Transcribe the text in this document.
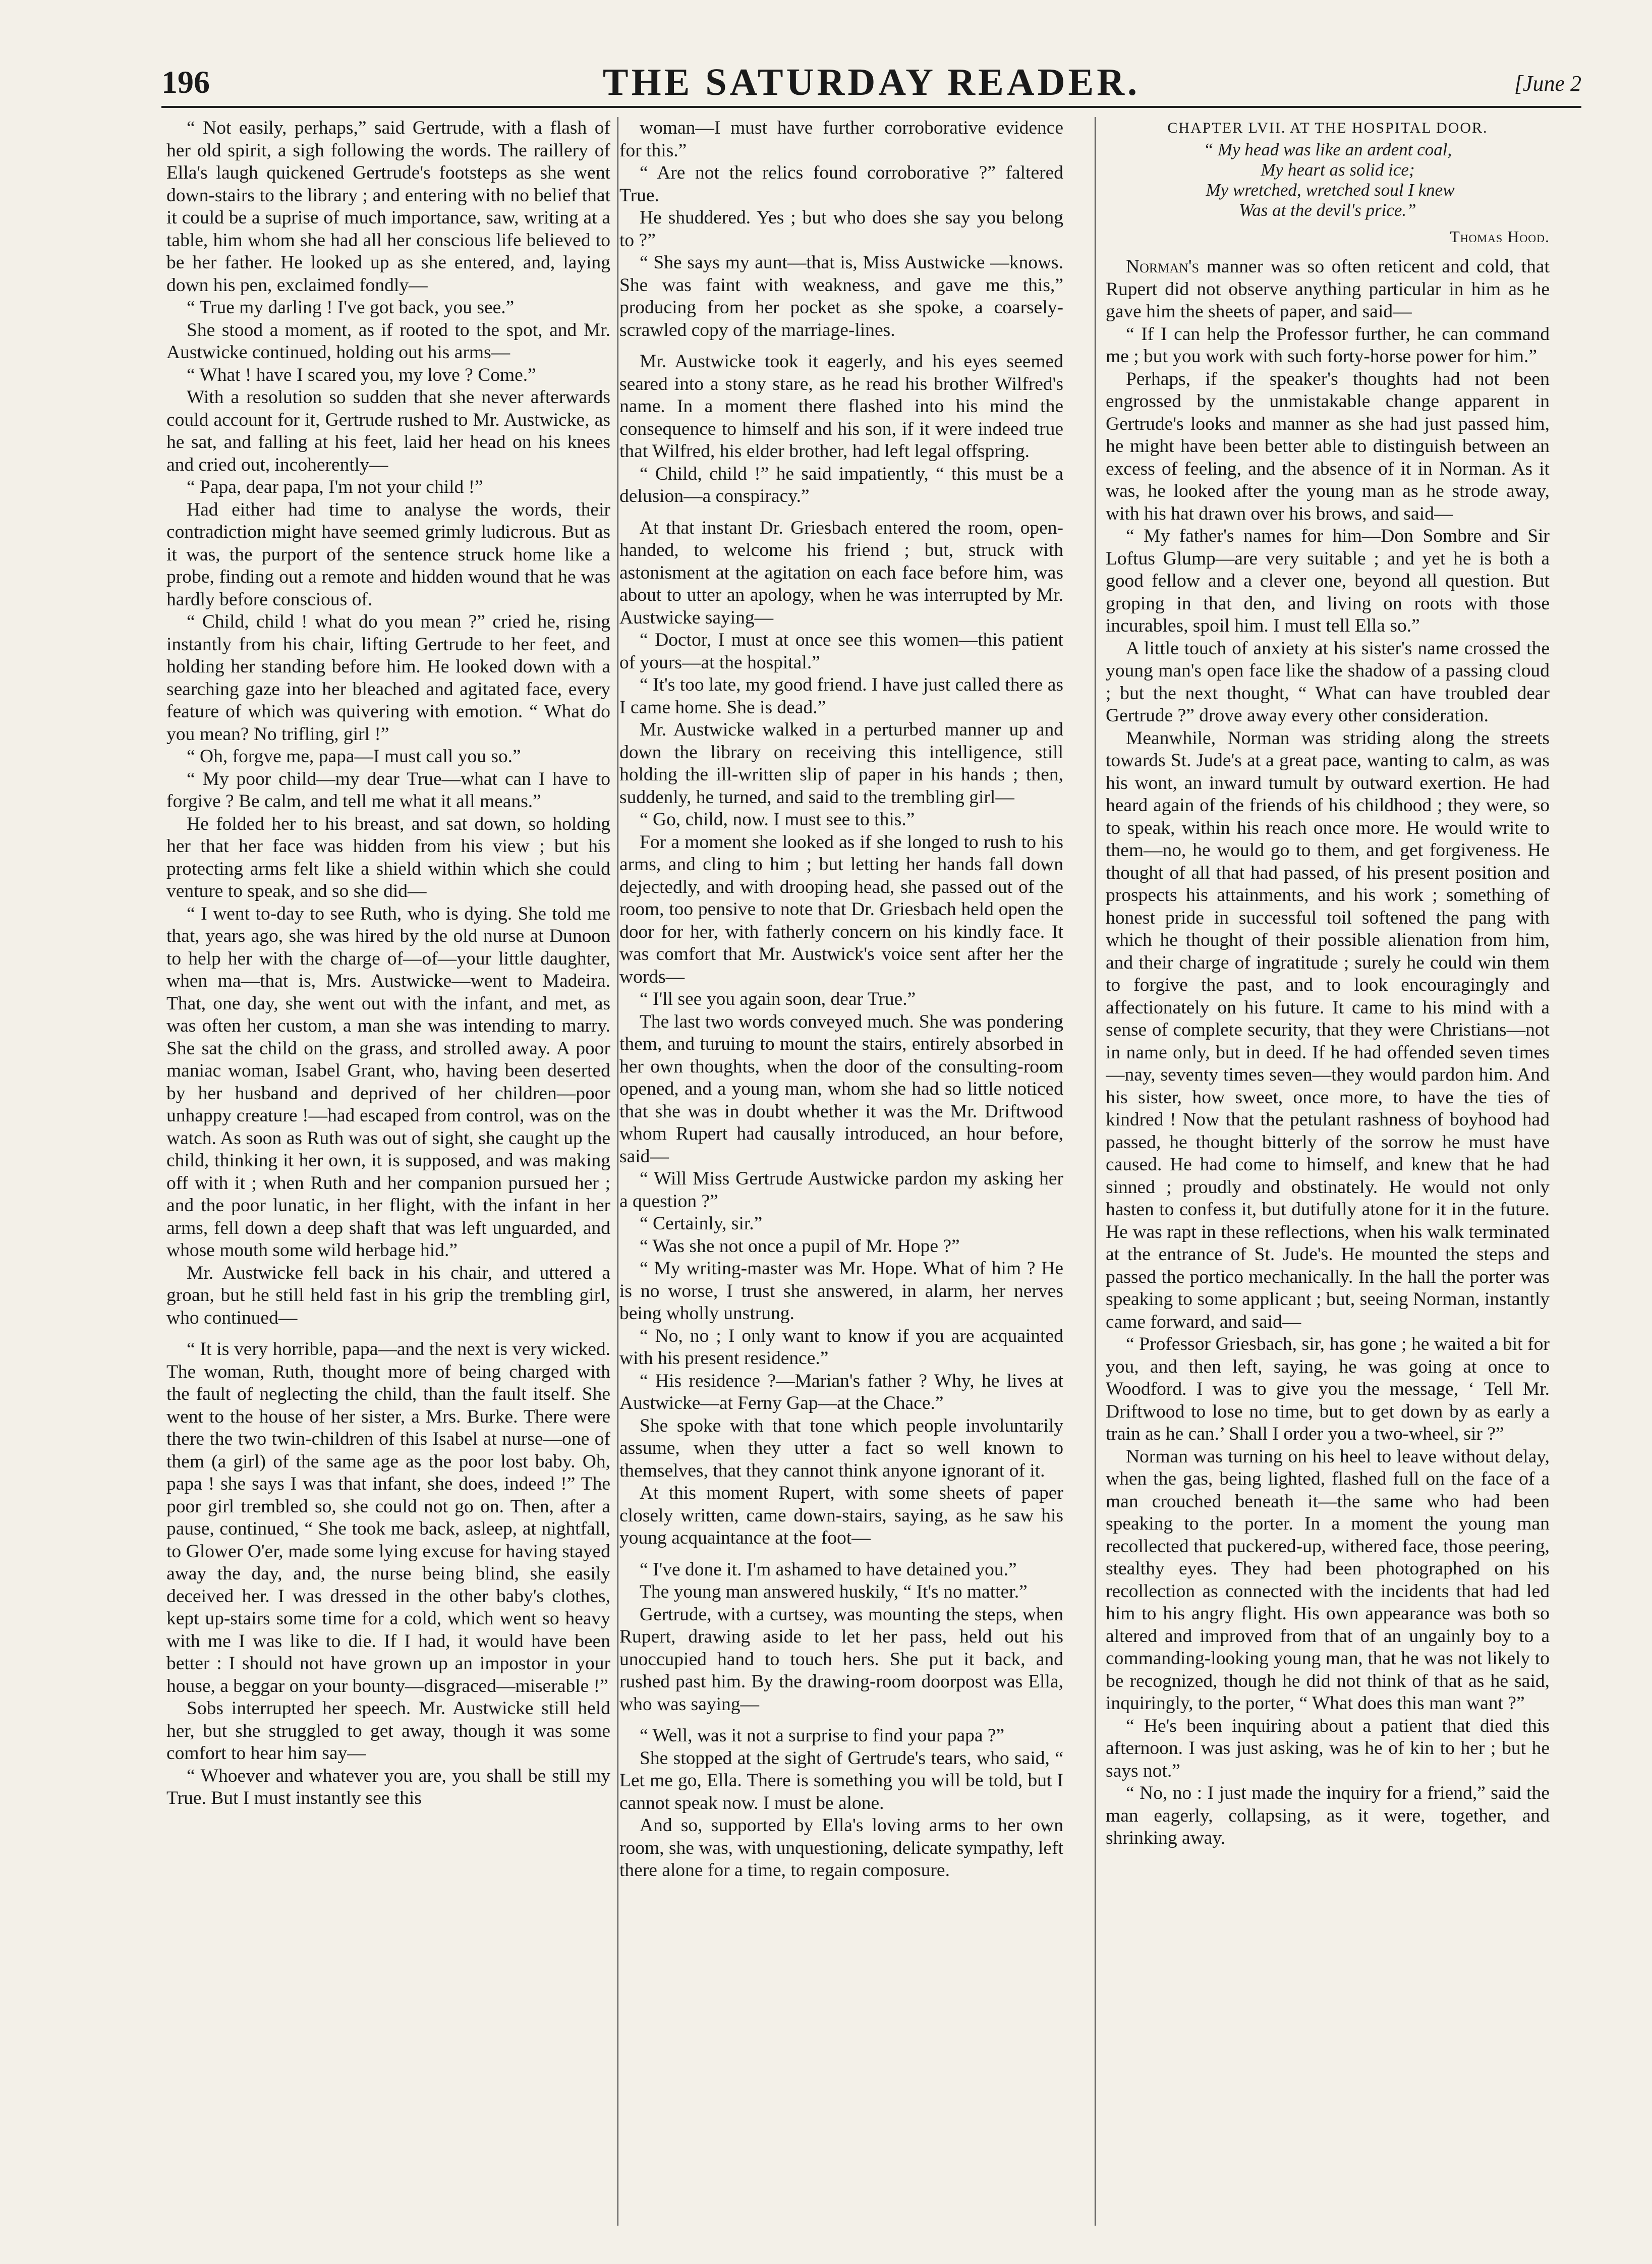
196	THE SATURDAY READER.	[June 2

“ Not easily, perhaps,” said Gertrude, with a flash of her old spirit, a sigh following the words. The raillery of Ella's laugh quickened Gertrude's footsteps as she went down-stairs to the library ; and entering with no belief that it could be a suprise of much importance, saw, writing at a table, him whom she had all her conscious life believed to be her father. He looked up as she entered, and, laying down his pen, exclaimed fondly—

“ True my darling ! I've got back, you see.”

She stood a moment, as if rooted to the spot, and Mr. Austwicke continued, holding out his arms—

“ What ! have I scared you, my love ? Come.”

With a resolution so sudden that she never afterwards could account for it, Gertrude rushed to Mr. Austwicke, as he sat, and falling at his feet, laid her head on his knees and cried out, incoherently—

“ Papa, dear papa, I'm not your child !”

Had either had time to analyse the words, their contradiction might have seemed grimly ludicrous. But as it was, the purport of the sentence struck home like a probe, finding out a remote and hidden wound that he was hardly before conscious of.

“ Child, child ! what do you mean ?” cried he, rising instantly from his chair, lifting Gertrude to her feet, and holding her standing before him. He looked down with a searching gaze into her bleached and agitated face, every feature of which was quivering with emotion. “ What do you mean? No trifling, girl !”

“ Oh, forgve me, papa—I must call you so.”

“ My poor child—my dear True—what can I have to forgive ? Be calm, and tell me what it all means.”

He folded her to his breast, and sat down, so holding her that her face was hidden from his view ; but his protecting arms felt like a shield within which she could venture to speak, and so she did—

“ I went to-day to see Ruth, who is dying. She told me that, years ago, she was hired by the old nurse at Dunoon to help her with the charge of—of—your little daughter, when ma—that is, Mrs. Austwicke—went to Madeira. That, one day, she went out with the infant, and met, as was often her custom, a man she was intending to marry. She sat the child on the grass, and strolled away. A poor maniac woman, Isabel Grant, who, having been deserted by her husband and deprived of her children—poor unhappy creature !—had escaped from control, was on the watch. As soon as Ruth was out of sight, she caught up the child, thinking it her own, it is supposed, and was making off with it ; when Ruth and her companion pursued her ; and the poor lunatic, in her flight, with the infant in her arms, fell down a deep shaft that was left unguarded, and whose mouth some wild herbage hid.”

Mr. Austwicke fell back in his chair, and uttered a groan, but he still held fast in his grip the trembling girl, who continued—

“ It is very horrible, papa—and the next is very wicked. The woman, Ruth, thought more of being charged with the fault of neglecting the child, than the fault itself. She went to the house of her sister, a Mrs. Burke. There were there the two twin-children of this Isabel at nurse—one of them (a girl) of the same age as the poor lost baby. Oh, papa ! she says I was that infant, she does, indeed !” The poor girl trembled so, she could not go on. Then, after a pause, continued, “ She took me back, asleep, at nightfall, to Glower O'er, made some lying excuse for having stayed away the day, and, the nurse being blind, she easily deceived her. I was dressed in the other baby's clothes, kept up-stairs some time for a cold, which went so heavy with me I was like to die. If I had, it would have been better : I should not have grown up an impostor in your house, a beggar on your bounty—disgraced—miserable !”

Sobs interrupted her speech. Mr. Austwicke still held her, but she struggled to get away, though it was some comfort to hear him say—

“ Whoever and whatever you are, you shall be still my True. But I must instantly see this

woman—I must have further corroborative evidence for this.”

“ Are not the relics found corroborative ?” faltered True.

He shuddered. Yes ; but who does she say you belong to ?”

“ She says my aunt—that is, Miss Austwicke —knows. She was faint with weakness, and gave me this,” producing from her pocket as she spoke, a coarsely-scrawled copy of the marriage-lines.

Mr. Austwicke took it eagerly, and his eyes seemed seared into a stony stare, as he read his brother Wilfred's name. In a moment there flashed into his mind the consequence to himself and his son, if it were indeed true that Wilfred, his elder brother, had left legal offspring.

“ Child, child !” he said impatiently, “ this must be a delusion—a conspiracy.”

At that instant Dr. Griesbach entered the room, open-handed, to welcome his friend ; but, struck with astonisment at the agitation on each face before him, was about to utter an apology, when he was interrupted by Mr. Austwicke saying—

“ Doctor, I must at once see this women—this patient of yours—at the hospital.”

“ It's too late, my good friend. I have just called there as I came home. She is dead.”

Mr. Austwicke walked in a perturbed manner up and down the library on receiving this intelligence, still holding the ill-written slip of paper in his hands ; then, suddenly, he turned, and said to the trembling girl—

“ Go, child, now. I must see to this.”

For a moment she looked as if she longed to rush to his arms, and cling to him ; but letting her hands fall down dejectedly, and with drooping head, she passed out of the room, too pensive to note that Dr. Griesbach held open the door for her, with fatherly concern on his kindly face. It was comfort that Mr. Austwick's voice sent after her the words—

“ I'll see you again soon, dear True.”

The last two words conveyed much. She was pondering them, and turuing to mount the stairs, entirely absorbed in her own thoughts, when the door of the consulting-room opened, and a young man, whom she had so little noticed that she was in doubt whether it was the Mr. Driftwood whom Rupert had causally introduced, an hour before, said—

“ Will Miss Gertrude Austwicke pardon my asking her a question ?”

“ Certainly, sir.”

“ Was she not once a pupil of Mr. Hope ?”

“ My writing-master was Mr. Hope. What of him ? He is no worse, I trust she answered, in alarm, her nerves being wholly unstrung.

“ No, no ; I only want to know if you are acquainted with his present residence.”

“ His residence ?—Marian's father ? Why, he lives at Austwicke—at Ferny Gap—at the Chace.”

She spoke with that tone which people involuntarily assume, when they utter a fact so well known to themselves, that they cannot think anyone ignorant of it.

At this moment Rupert, with some sheets of paper closely written, came down-stairs, saying, as he saw his young acquaintance at the foot—

“ I've done it. I'm ashamed to have detained you.”

The young man answered huskily, “ It's no matter.”

Gertrude, with a curtsey, was mounting the steps, when Rupert, drawing aside to let her pass, held out his unoccupied hand to touch hers. She put it back, and rushed past him. By the drawing-room doorpost was Ella, who was saying—

“ Well, was it not a surprise to find your papa ?”

She stopped at the sight of Gertrude's tears, who said, “ Let me go, Ella. There is something you will be told, but I cannot speak now. I must be alone.

And so, supported by Ella's loving arms to her own room, she was, with unquestioning, delicate sympathy, left there alone for a time, to regain composure.

CHAPTER LVII. AT THE HOSPITAL DOOR.

“ My head was like an ardent coal,
My heart as solid ice;
My wretched, wretched soul I knew
Was at the devil's price.”
Thomas Hood.

Norman's manner was so often reticent and cold, that Rupert did not observe anything particular in him as he gave him the sheets of paper, and said—

“ If I can help the Professor further, he can command me ; but you work with such forty-horse power for him.”

Perhaps, if the speaker's thoughts had not been engrossed by the unmistakable change apparent in Gertrude's looks and manner as she had just passed him, he might have been better able to distinguish between an excess of feeling, and the absence of it in Norman. As it was, he looked after the young man as he strode away, with his hat drawn over his brows, and said—

“ My father's names for him—Don Sombre and Sir Loftus Glump—are very suitable ; and yet he is both a good fellow and a clever one, beyond all question. But groping in that den, and living on roots with those incurables, spoil him. I must tell Ella so.”

A little touch of anxiety at his sister's name crossed the young man's open face like the shadow of a passing cloud ; but the next thought, “ What can have troubled dear Gertrude ?” drove away every other consideration.

Meanwhile, Norman was striding along the streets towards St. Jude's at a great pace, wanting to calm, as was his wont, an inward tumult by outward exertion. He had heard again of the friends of his childhood ; they were, so to speak, within his reach once more. He would write to them—no, he would go to them, and get forgiveness. He thought of all that had passed, of his present position and prospects his attainments, and his work ; something of honest pride in successful toil softened the pang with which he thought of their possible alienation from him, and their charge of ingratitude ; surely he could win them to forgive the past, and to look encouragingly and affectionately on his future. It came to his mind with a sense of complete security, that they were Christians—not in name only, but in deed. If he had offended seven times—nay, seventy times seven—they would pardon him. And his sister, how sweet, once more, to have the ties of kindred ! Now that the petulant rashness of boyhood had passed, he thought bitterly of the sorrow he must have caused. He had come to himself, and knew that he had sinned ; proudly and obstinately. He would not only hasten to confess it, but dutifully atone for it in the future. He was rapt in these reflections, when his walk terminated at the entrance of St. Jude's. He mounted the steps and passed the portico mechanically. In the hall the porter was speaking to some applicant ; but, seeing Norman, instantly came forward, and said—

“ Professor Griesbach, sir, has gone ; he waited a bit for you, and then left, saying, he was going at once to Woodford. I was to give you the message, ‘ Tell Mr. Driftwood to lose no time, but to get down by as early a train as he can.’ Shall I order you a two-wheel, sir ?”

Norman was turning on his heel to leave without delay, when the gas, being lighted, flashed full on the face of a man crouched beneath it—the same who had been speaking to the porter. In a moment the young man recollected that puckered-up, withered face, those peering, stealthy eyes. They had been photographed on his recollection as connected with the incidents that had led him to his angry flight. His own appearance was both so altered and improved from that of an ungainly boy to a commanding-looking young man, that he was not likely to be recognized, though he did not think of that as he said, inquiringly, to the porter, “ What does this man want ?”

“ He's been inquiring about a patient that died this afternoon. I was just asking, was he of kin to her ; but he says not.”

“ No, no : I just made the inquiry for a friend,” said the man eagerly, collapsing, as it were, together, and shrinking away.
